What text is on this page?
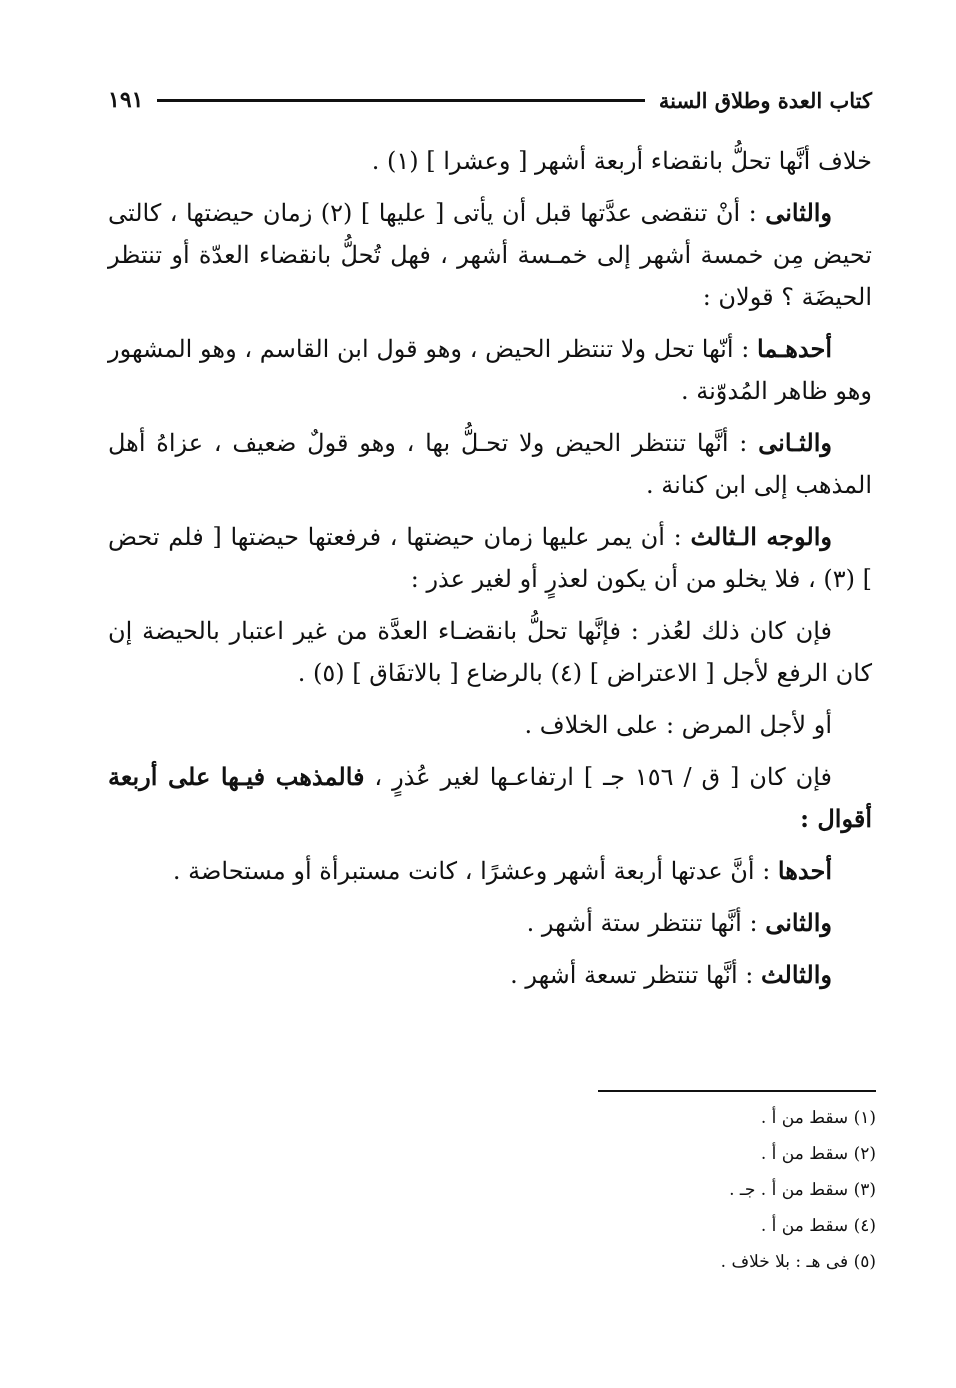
كتاب العدة وطلاق السنة
١٩١

خلاف أنَّها تحلُّ بانقضاء أربعة أشهر [ وعشرا ] (١) .

والثانى : أنْ تنقضى عدَّتها قبل أن يأتى [ عليها ] (٢) زمان حيضتها ، كالتى تحيض مِن خمسة أشهر إلى خمـسة أشهر ، فهل تُحلُّ بانقضاء العدّة أو تنتظر الحيضَة ؟ قولان :

أحدهـما : أنّها تحل ولا تنتظر الحيض ، وهو قول ابن القاسم ، وهو المشهور وهو ظاهر المُدوّنة .

والثـانى : أنَّها تنتظر الحيض ولا تحـلُّ بها ، وهو قولٌ ضعيف ، عزاهُ أهل المذهب إلى ابن كنانة .

والوجه الـثالث : أن يمر عليها زمان حيضتها ، فرفعتها حيضتها [ فلم تحض ] (٣) ، فلا يخلو من أن يكون لعذرٍ أو لغير عذر :

فإن كان ذلك لعُذر : فإنَّها تحلُّ بانقضـاء العدَّة من غير اعتبار بالحيضة إن كان الرفع لأجل [ الاعتراض ] (٤) بالرضاع [ بالاتفَاق ] (٥) .

أو لأجل المرض : على الخلاف .

فإن كان [ ق / ١٥٦ جـ ] ارتفاعـها لغير عُذرٍ ، فالمذهب فيـها على أربعة أقوال :

أحدها : أنَّ عدتها أربعة أشهر وعشرًا ، كانت مستبرأة أو مستحاضة .

والثانى : أنَّها تنتظر ستة أشهر .

والثالث : أنَّها تنتظر تسعة أشهر .

(١) سقط من أ .
(٢) سقط من أ .
(٣) سقط من أ . جـ .
(٤) سقط من أ .
(٥) فى هـ : بلا خلاف .
